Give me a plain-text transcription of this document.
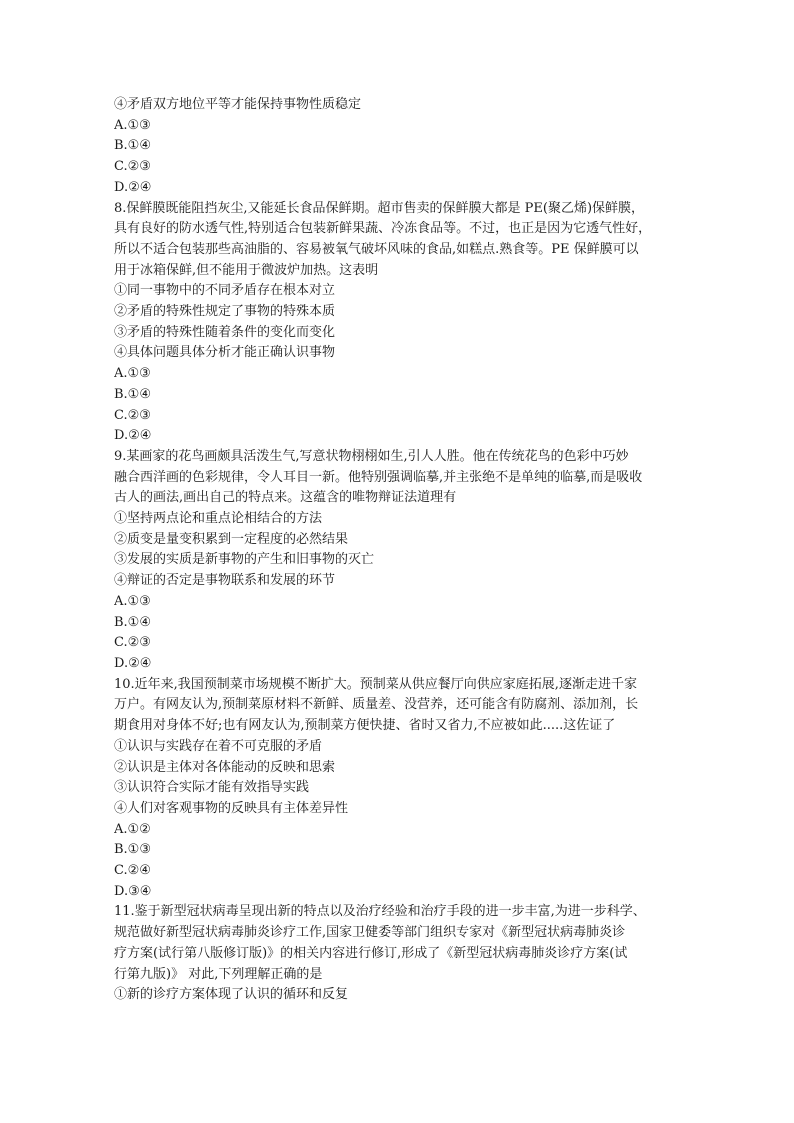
④矛盾双方地位平等才能保持事物性质稳定
A.①③
B.①④
C.②③
D.②④
8.保鲜膜既能阻挡灰尘,又能延长食品保鲜期。超市售卖的保鲜膜大都是 PE(聚乙烯)保鲜膜，
具有良好的防水透气性,特别适合包装新鲜果蔬、冷冻食品等。不过，也正是因为它透气性好，
所以不适合包装那些高油脂的、容易被氧气破坏风味的食品,如糕点.熟食等。PE 保鲜膜可以
用于冰箱保鲜,但不能用于微波炉加热。这表明
①同一事物中的不同矛盾存在根本对立
②矛盾的特殊性规定了事物的特殊本质
③矛盾的特殊性随着条件的变化而变化
④具体问题具体分析才能正确认识事物
A.①③
B.①④
C.②③
D.②④
9.某画家的花鸟画颇具活泼生气,写意状物栩栩如生,引人人胜。他在传统花鸟的色彩中巧妙
融合西洋画的色彩规律，令人耳目一新。他特别强调临摹,并主张绝不是单纯的临摹,而是吸收
古人的画法,画出自己的特点来。这蕴含的唯物辩证法道理有
①坚持两点论和重点论相结合的方法
②质变是量变积累到一定程度的必然结果
③发展的实质是新事物的产生和旧事物的灭亡
④辩证的否定是事物联系和发展的环节
A.①③
B.①④
C.②③
D.②④
10.近年来,我国预制菜市场规模不断扩大。预制菜从供应餐厅向供应家庭拓展,逐渐走进千家
万户。有网友认为,预制菜原材料不新鲜、质量差、没营养，还可能含有防腐剂、添加剂，长
期食用对身体不好;也有网友认为,预制菜方便快捷、省时又省力,不应被如此.....这佐证了
①认识与实践存在着不可克服的矛盾
②认识是主体对各体能动的反映和思索
③认识符合实际才能有效指导实践
④人们对客观事物的反映具有主体差异性
A.①②
B.①③
C.②④
D.③④
11.鉴于新型冠状病毒呈现出新的特点以及治疗经验和治疗手段的进一步丰富,为进一步科学、
规范做好新型冠状病毒肺炎诊疗工作,国家卫健委等部门组织专家对《新型冠状病毒肺炎诊
疗方案(试行第八版修订版)》的相关内容进行修订,形成了《新型冠状病毒肺炎诊疗方案(试
行第九版)》 对此,下列理解正确的是
①新的诊疗方案体现了认识的循环和反复
